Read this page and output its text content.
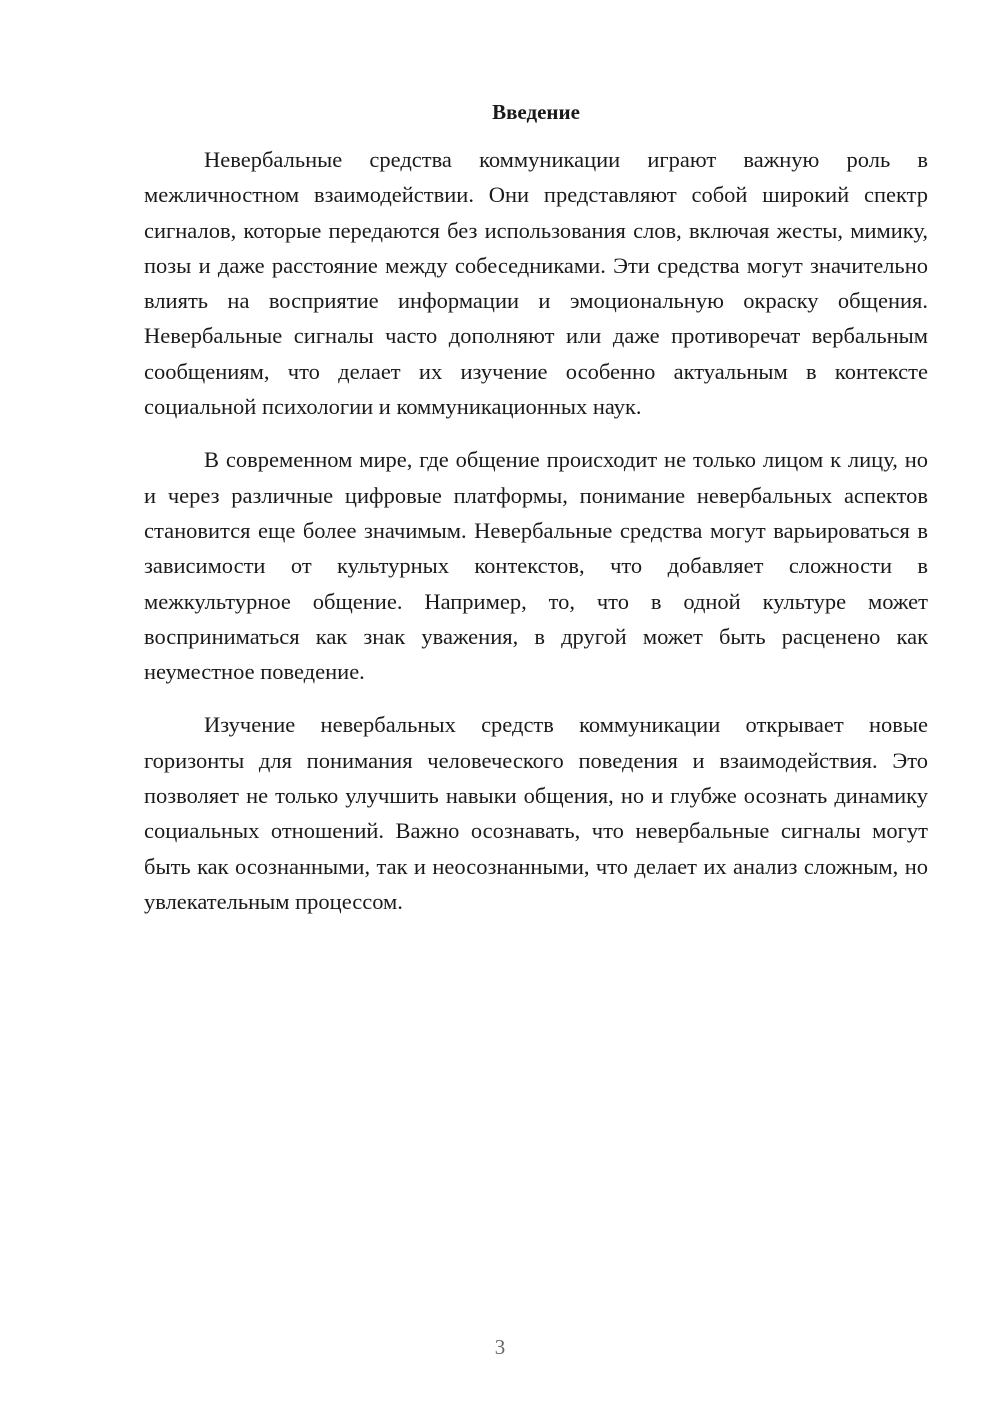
Введение

Невербальные средства коммуникации играют важную роль в межличностном взаимодействии. Они представляют собой широкий спектр сигналов, которые передаются без использования слов, включая жесты, мимику, позы и даже расстояние между собеседниками. Эти средства могут значительно влиять на восприятие информации и эмоциональную окраску общения. Невербальные сигналы часто дополняют или даже противоречат вербальным сообщениям, что делает их изучение особенно актуальным в контексте социальной психологии и коммуникационных наук.

В современном мире, где общение происходит не только лицом к лицу, но и через различные цифровые платформы, понимание невербальных аспектов становится еще более значимым. Невербальные средства могут варьироваться в зависимости от культурных контекстов, что добавляет сложности в межкультурное общение. Например, то, что в одной культуре может восприниматься как знак уважения, в другой может быть расценено как неуместное поведение.

Изучение невербальных средств коммуникации открывает новые горизонты для понимания человеческого поведения и взаимодействия. Это позволяет не только улучшить навыки общения, но и глубже осознать динамику социальных отношений. Важно осознавать, что невербальные сигналы могут быть как осознанными, так и неосознанными, что делает их анализ сложным, но увлекательным процессом.

3
